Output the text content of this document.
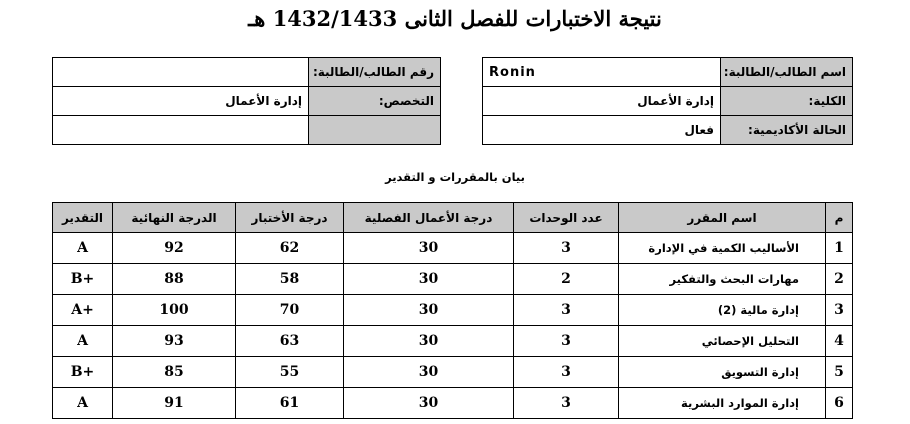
نتيجة الاختبارات للفصل الثانى 1432/1433 هـ
اسم الطالب/الطالبة:	Ronin		رقم الطالب/الطالبة:	
الكلية:	إدارة الأعمال		التخصص:	إدارة الأعمال
الحالة الأكاديمية:	فعال			
بيان بالمقررات و التقدير
م	اسم المقرر	عدد الوحدات	درجة الأعمال الفصلية	درجة الأختبار	الدرجة النهائية	التقدير
1	الأساليب الكمية في الإدارة	3	30	62	92	A
2	مهارات البحث والتفكير	2	30	58	88	B+
3	إدارة مالية (2)	3	30	70	100	A+
4	التحليل الإحصائي	3	30	63	93	A
5	إدارة التسويق	3	30	55	85	B+
6	إدارة الموارد البشرية	3	30	61	91	A
